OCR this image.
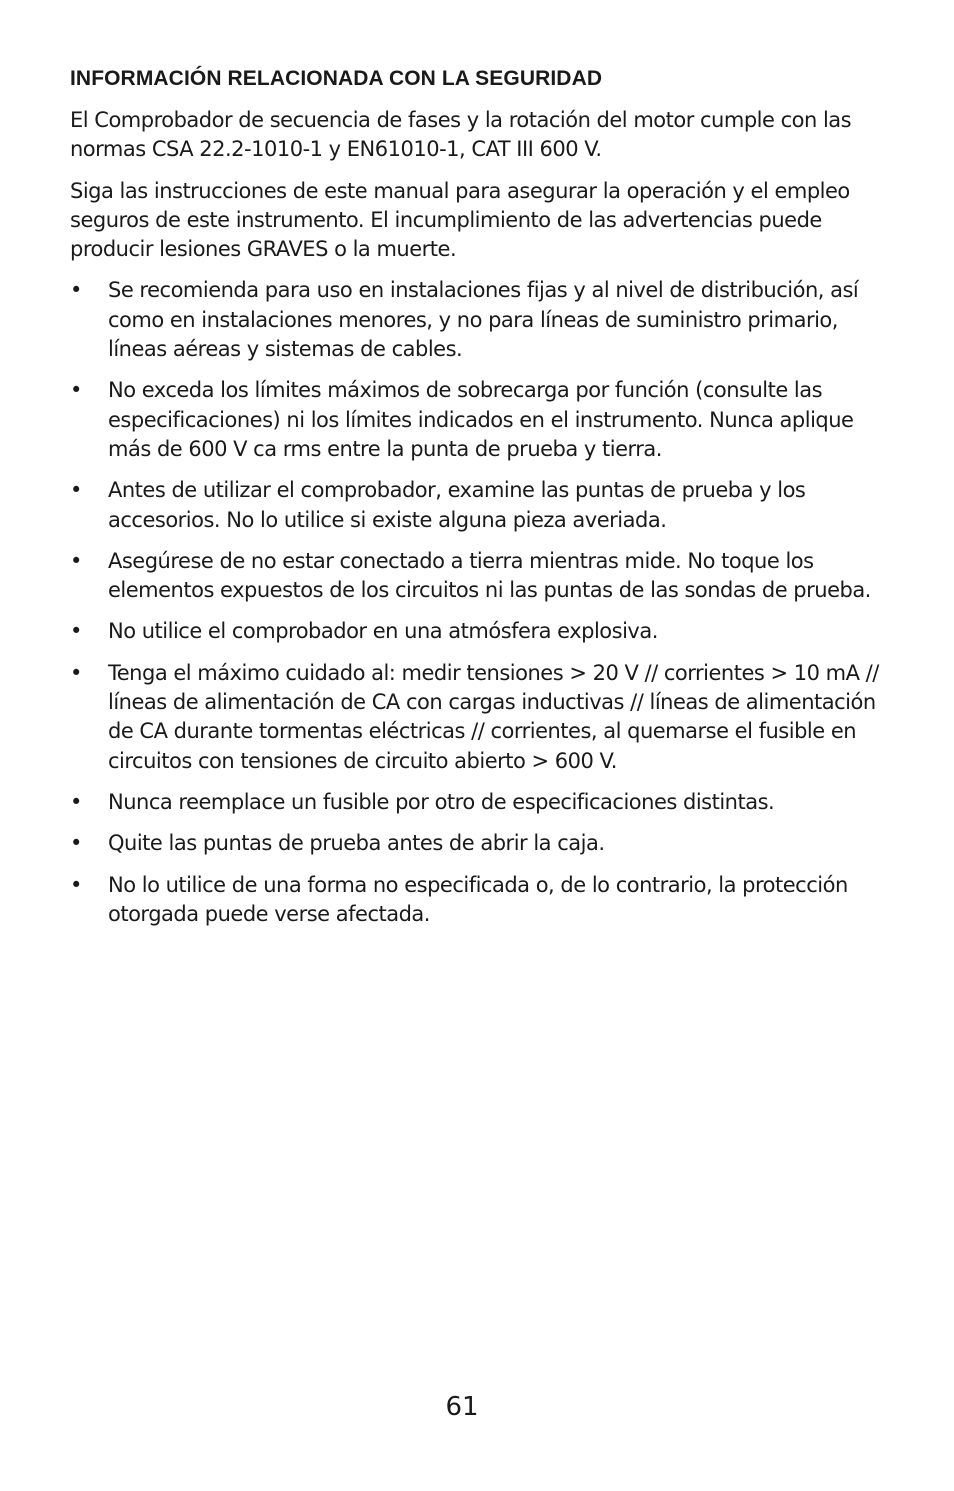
INFORMACIÓN RELACIONADA CON LA SEGURIDAD

El Comprobador de secuencia de fases y la rotación del motor cumple con las normas CSA 22.2-1010-1 y EN61010-1, CAT III 600 V.

Siga las instrucciones de este manual para asegurar la operación y el empleo seguros de este instrumento. El incumplimiento de las advertencias puede producir lesiones GRAVES o la muerte.

• Se recomienda para uso en instalaciones fijas y al nivel de distribución, así como en instalaciones menores, y no para líneas de suministro primario, líneas aéreas y sistemas de cables.
• No exceda los límites máximos de sobrecarga por función (consulte las especificaciones) ni los límites indicados en el instrumento. Nunca aplique más de 600 V ca rms entre la punta de prueba y tierra.
• Antes de utilizar el comprobador, examine las puntas de prueba y los accesorios. No lo utilice si existe alguna pieza averiada.
• Asegúrese de no estar conectado a tierra mientras mide. No toque los elementos expuestos de los circuitos ni las puntas de las sondas de prueba.
• No utilice el comprobador en una atmósfera explosiva.
• Tenga el máximo cuidado al: medir tensiones > 20 V // corrientes > 10 mA // líneas de alimentación de CA con cargas inductivas // líneas de alimentación de CA durante tormentas eléctricas // corrientes, al quemarse el fusible en circuitos con tensiones de circuito abierto > 600 V.
• Nunca reemplace un fusible por otro de especificaciones distintas.
• Quite las puntas de prueba antes de abrir la caja.
• No lo utilice de una forma no especificada o, de lo contrario, la protección otorgada puede verse afectada.
61
